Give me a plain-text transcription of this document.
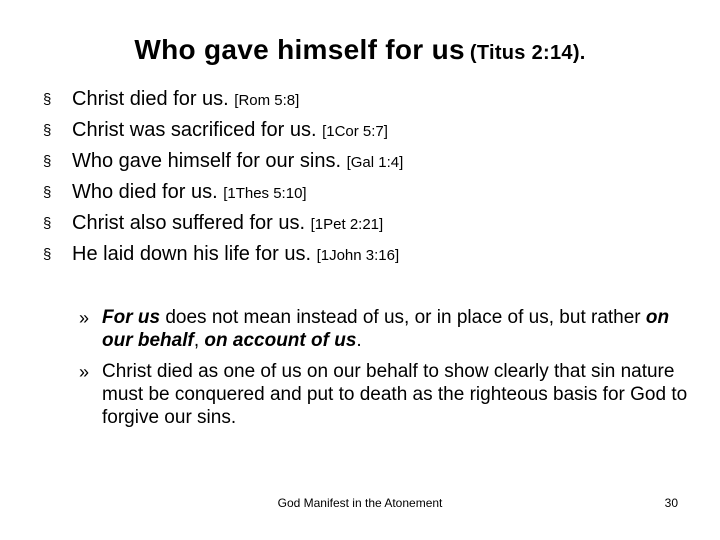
Who gave himself for us (Titus 2:14).
§ Christ died for us. [Rom 5:8]
§ Christ was sacrificed for us. [1Cor 5:7]
§ Who gave himself for our sins. [Gal 1:4]
§ Who died for us. [1Thes 5:10]
§ Christ also suffered for us. [1Pet 2:21]
§ He laid down his life for us. [1John 3:16]
» For us does not mean instead of us, or in place of us, but rather on our behalf, on account of us.
» Christ died as one of us on our behalf to show clearly that sin nature must be conquered and put to death as the righteous basis for God to forgive our sins.
God Manifest in the Atonement	30
